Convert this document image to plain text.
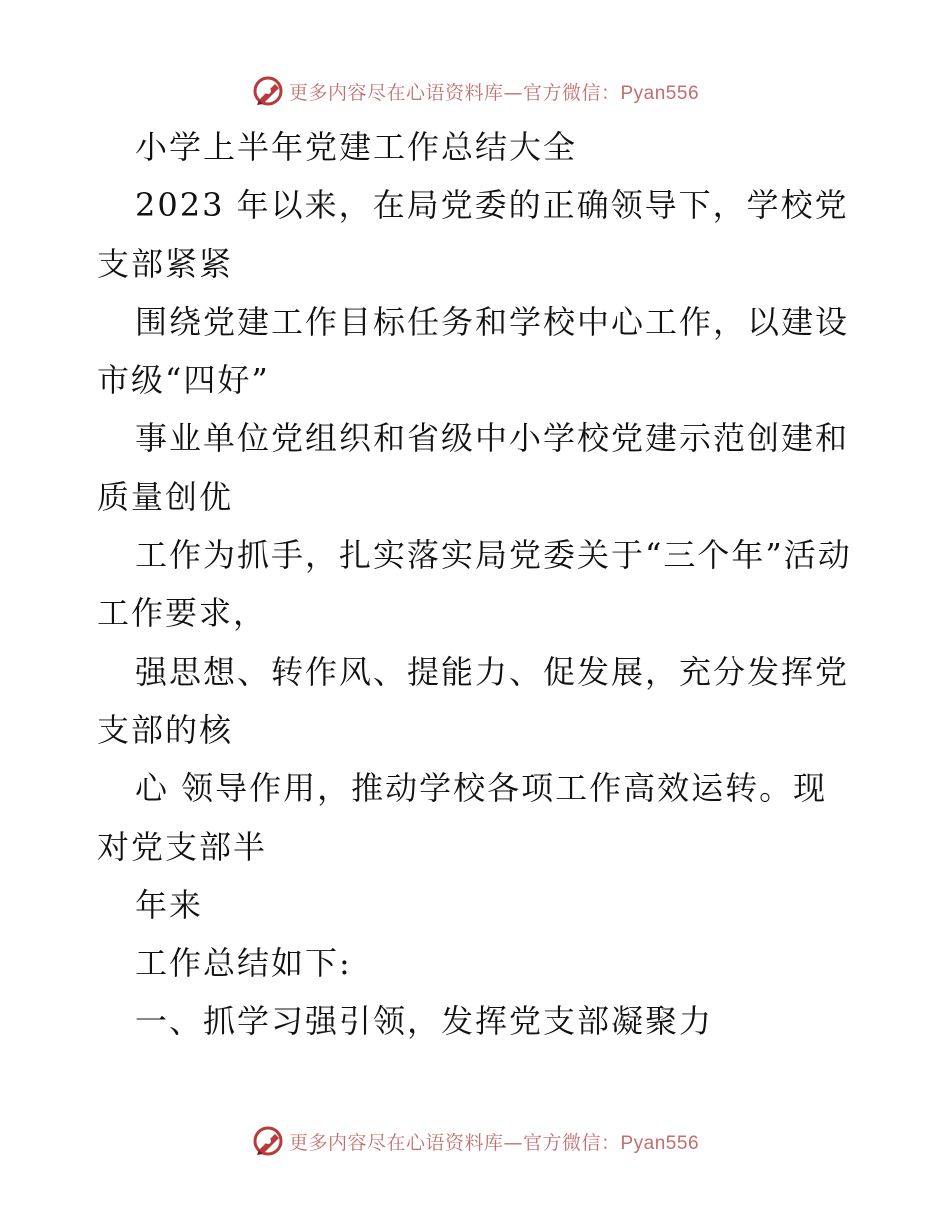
更多内容尽在心语资料库—官方微信：Pyan556

小学上半年党建工作总结大全

2023 年以来，在局党委的正确领导下，学校党支部紧紧

围绕党建工作目标任务和学校中心工作，以建设市级“四好”

事业单位党组织和省级中小学校党建示范创建和质量创优

工作为抓手，扎实落实局党委关于“三个年”活动工作要求，

强思想、转作风、提能力、促发展，充分发挥党支部的核

心 领导作用，推动学校各项工作高效运转。现对党支部半

年来

工作总结如下:

一、抓学习强引领，发挥党支部凝聚力

更多内容尽在心语资料库—官方微信：Pyan556
